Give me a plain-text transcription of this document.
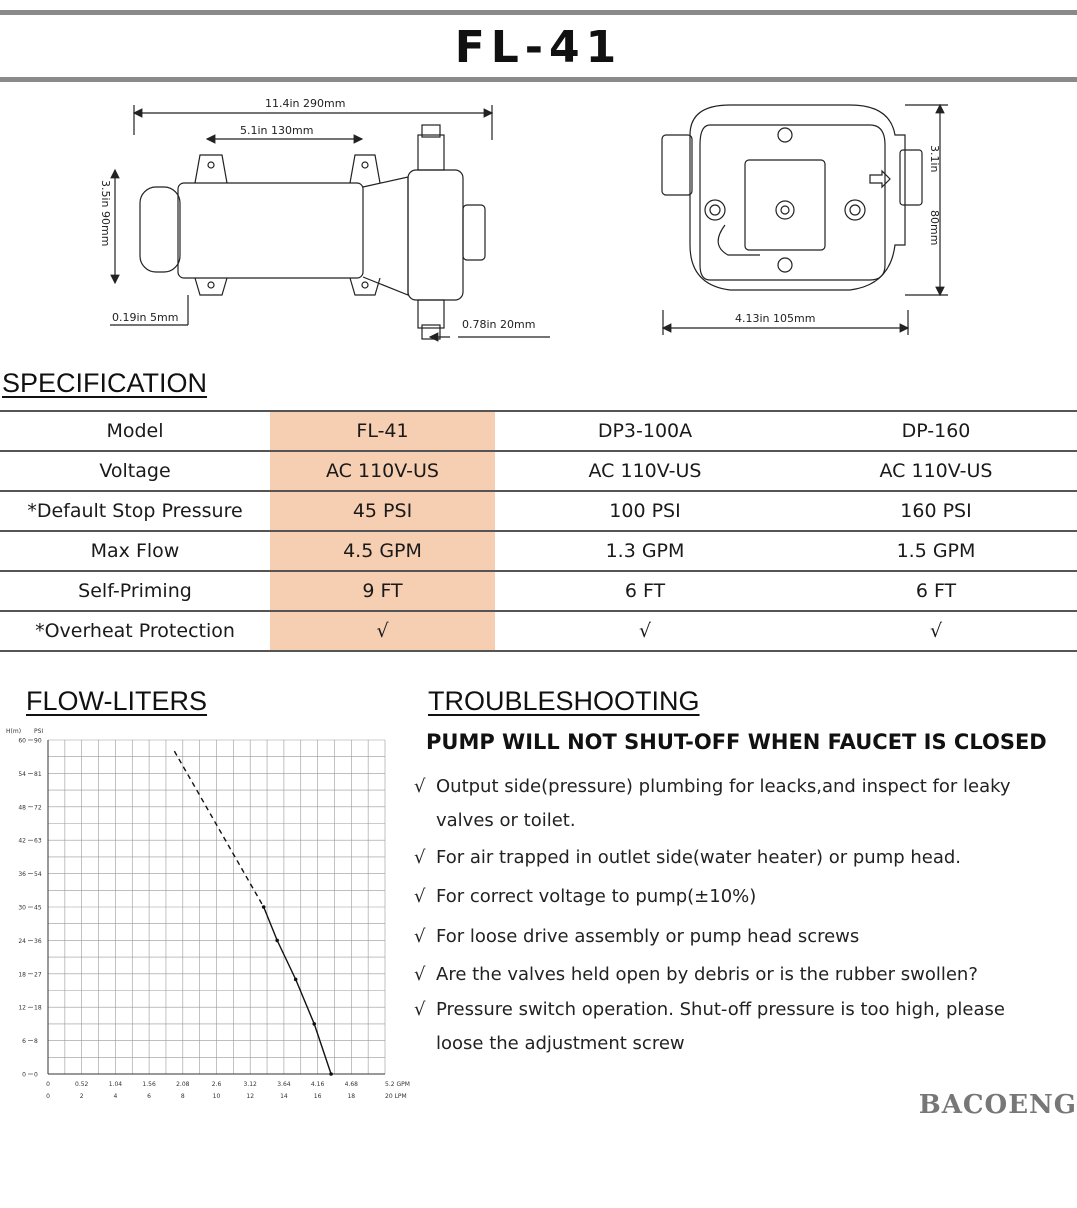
FL-41
11.4in 290mm
5.1in 130mm
3.5in 90mm
0.19in 5mm
0.78in 20mm	4.13in 105mm
3.1in
80mm
SPECIFICATION
Model	FL-41	DP3-100A	DP-160
Voltage	AC 110V-US	AC 110V-US	AC 110V-US
*Default Stop Pressure	45 PSI	100 PSI	160 PSI
Max Flow	4.5 GPM	1.3 GPM	1.5 GPM
Self-Priming	9 FT	6 FT	6 FT
*Overheat Protection	√	√	√
FLOW-LITERS
0 0
6 8
12 18
18 27
24 36
30 45
36 54
42 63
48 72
54 81
60 90
H(m) PSI
0	2	4	6	8	10	12	14	16	18	20 LPM
0.52	1.04	1.56	2.08	2.6	3.12	3.64	4.16	4.68	5.2 GPM
0
TROUBLESHOOTING
PUMP WILL NOT SHUT-OFF WHEN FAUCET IS CLOSED
√ Output side(pressure) plumbing for leacks,and inspect for leaky valves or toilet.
√ For air trapped in outlet side(water heater) or pump head.
√ For correct voltage to pump(±10%)
√ For loose drive assembly or pump head screws
√ Are the valves held open by debris or is the rubber swollen?
√ Pressure switch operation. Shut-off pressure is too high, please
loose the adjustment screw
BACOENG
